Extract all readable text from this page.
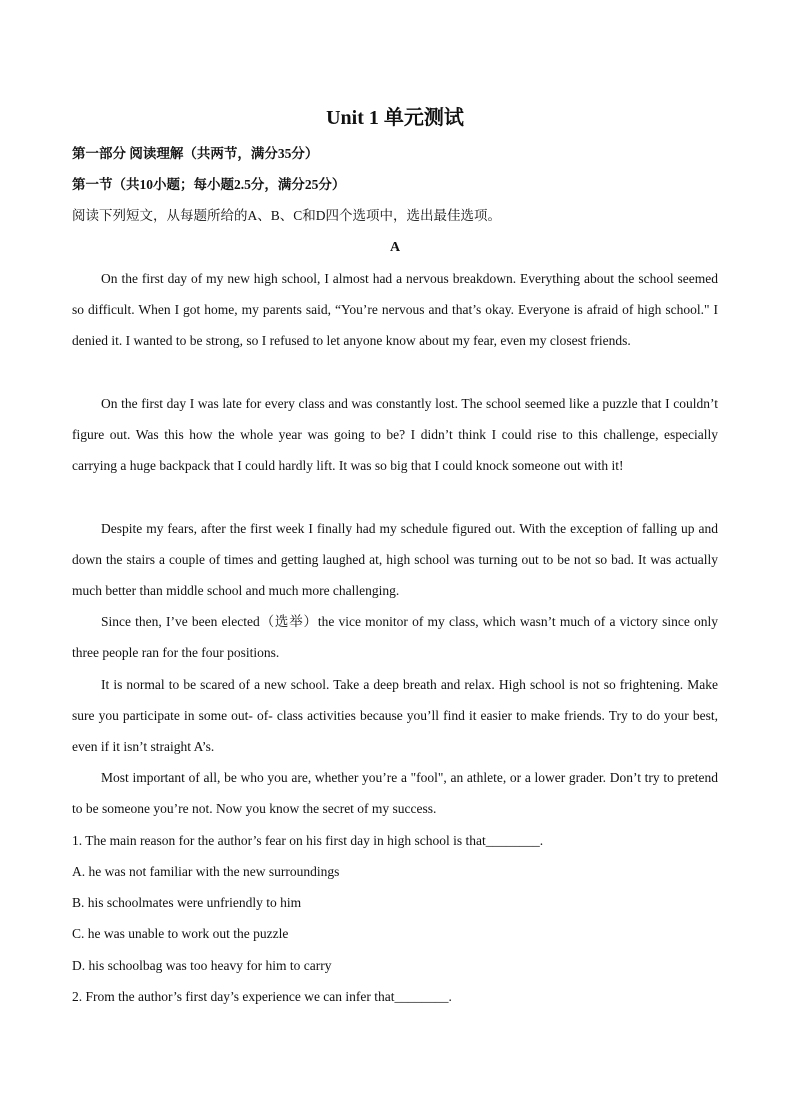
Unit 1 单元测试
第一部分 阅读理解（共两节，满分35分）
第一节（共10小题；每小题2.5分，满分25分）
阅读下列短文，从每题所给的A、B、C和D四个选项中，选出最佳选项。
A

On the first day of my new high school, I almost had a nervous breakdown. Everything about the school seemed so difficult. When I got home, my parents said, “You’re nervous and that’s okay. Everyone is afraid of high school." I denied it. I wanted to be strong, so I refused to let anyone know about my fear, even my closest friends.

On the first day I was late for every class and was constantly lost. The school seemed like a puzzle that I couldn’t figure out. Was this how the whole year was going to be? I didn’t think I could rise to this challenge, especially carrying a huge backpack that I could hardly lift. It was so big that I could knock someone out with it!

Despite my fears, after the first week I finally had my schedule figured out. With the exception of falling up and down the stairs a couple of times and getting laughed at, high school was turning out to be not so bad. It was actually much better than middle school and much more challenging.

Since then, I’ve been elected（选举）the vice monitor of my class, which wasn’t much of a victory since only three people ran for the four positions.

It is normal to be scared of a new school. Take a deep breath and relax. High school is not so frightening. Make sure you participate in some out- of- class activities because you’ll find it easier to make friends. Try to do your best, even if it isn’t straight A’s.

Most important of all, be who you are, whether you’re a "fool", an athlete, or a lower grader. Don’t try to pretend to be someone you’re not. Now you know the secret of my success.

1. The main reason for the author’s fear on his first day in high school is that________.
A. he was not familiar with the new surroundings
B. his schoolmates were unfriendly to him
C. he was unable to work out the puzzle
D. his schoolbag was too heavy for him to carry
2. From the author’s first day’s experience we can infer that________.
